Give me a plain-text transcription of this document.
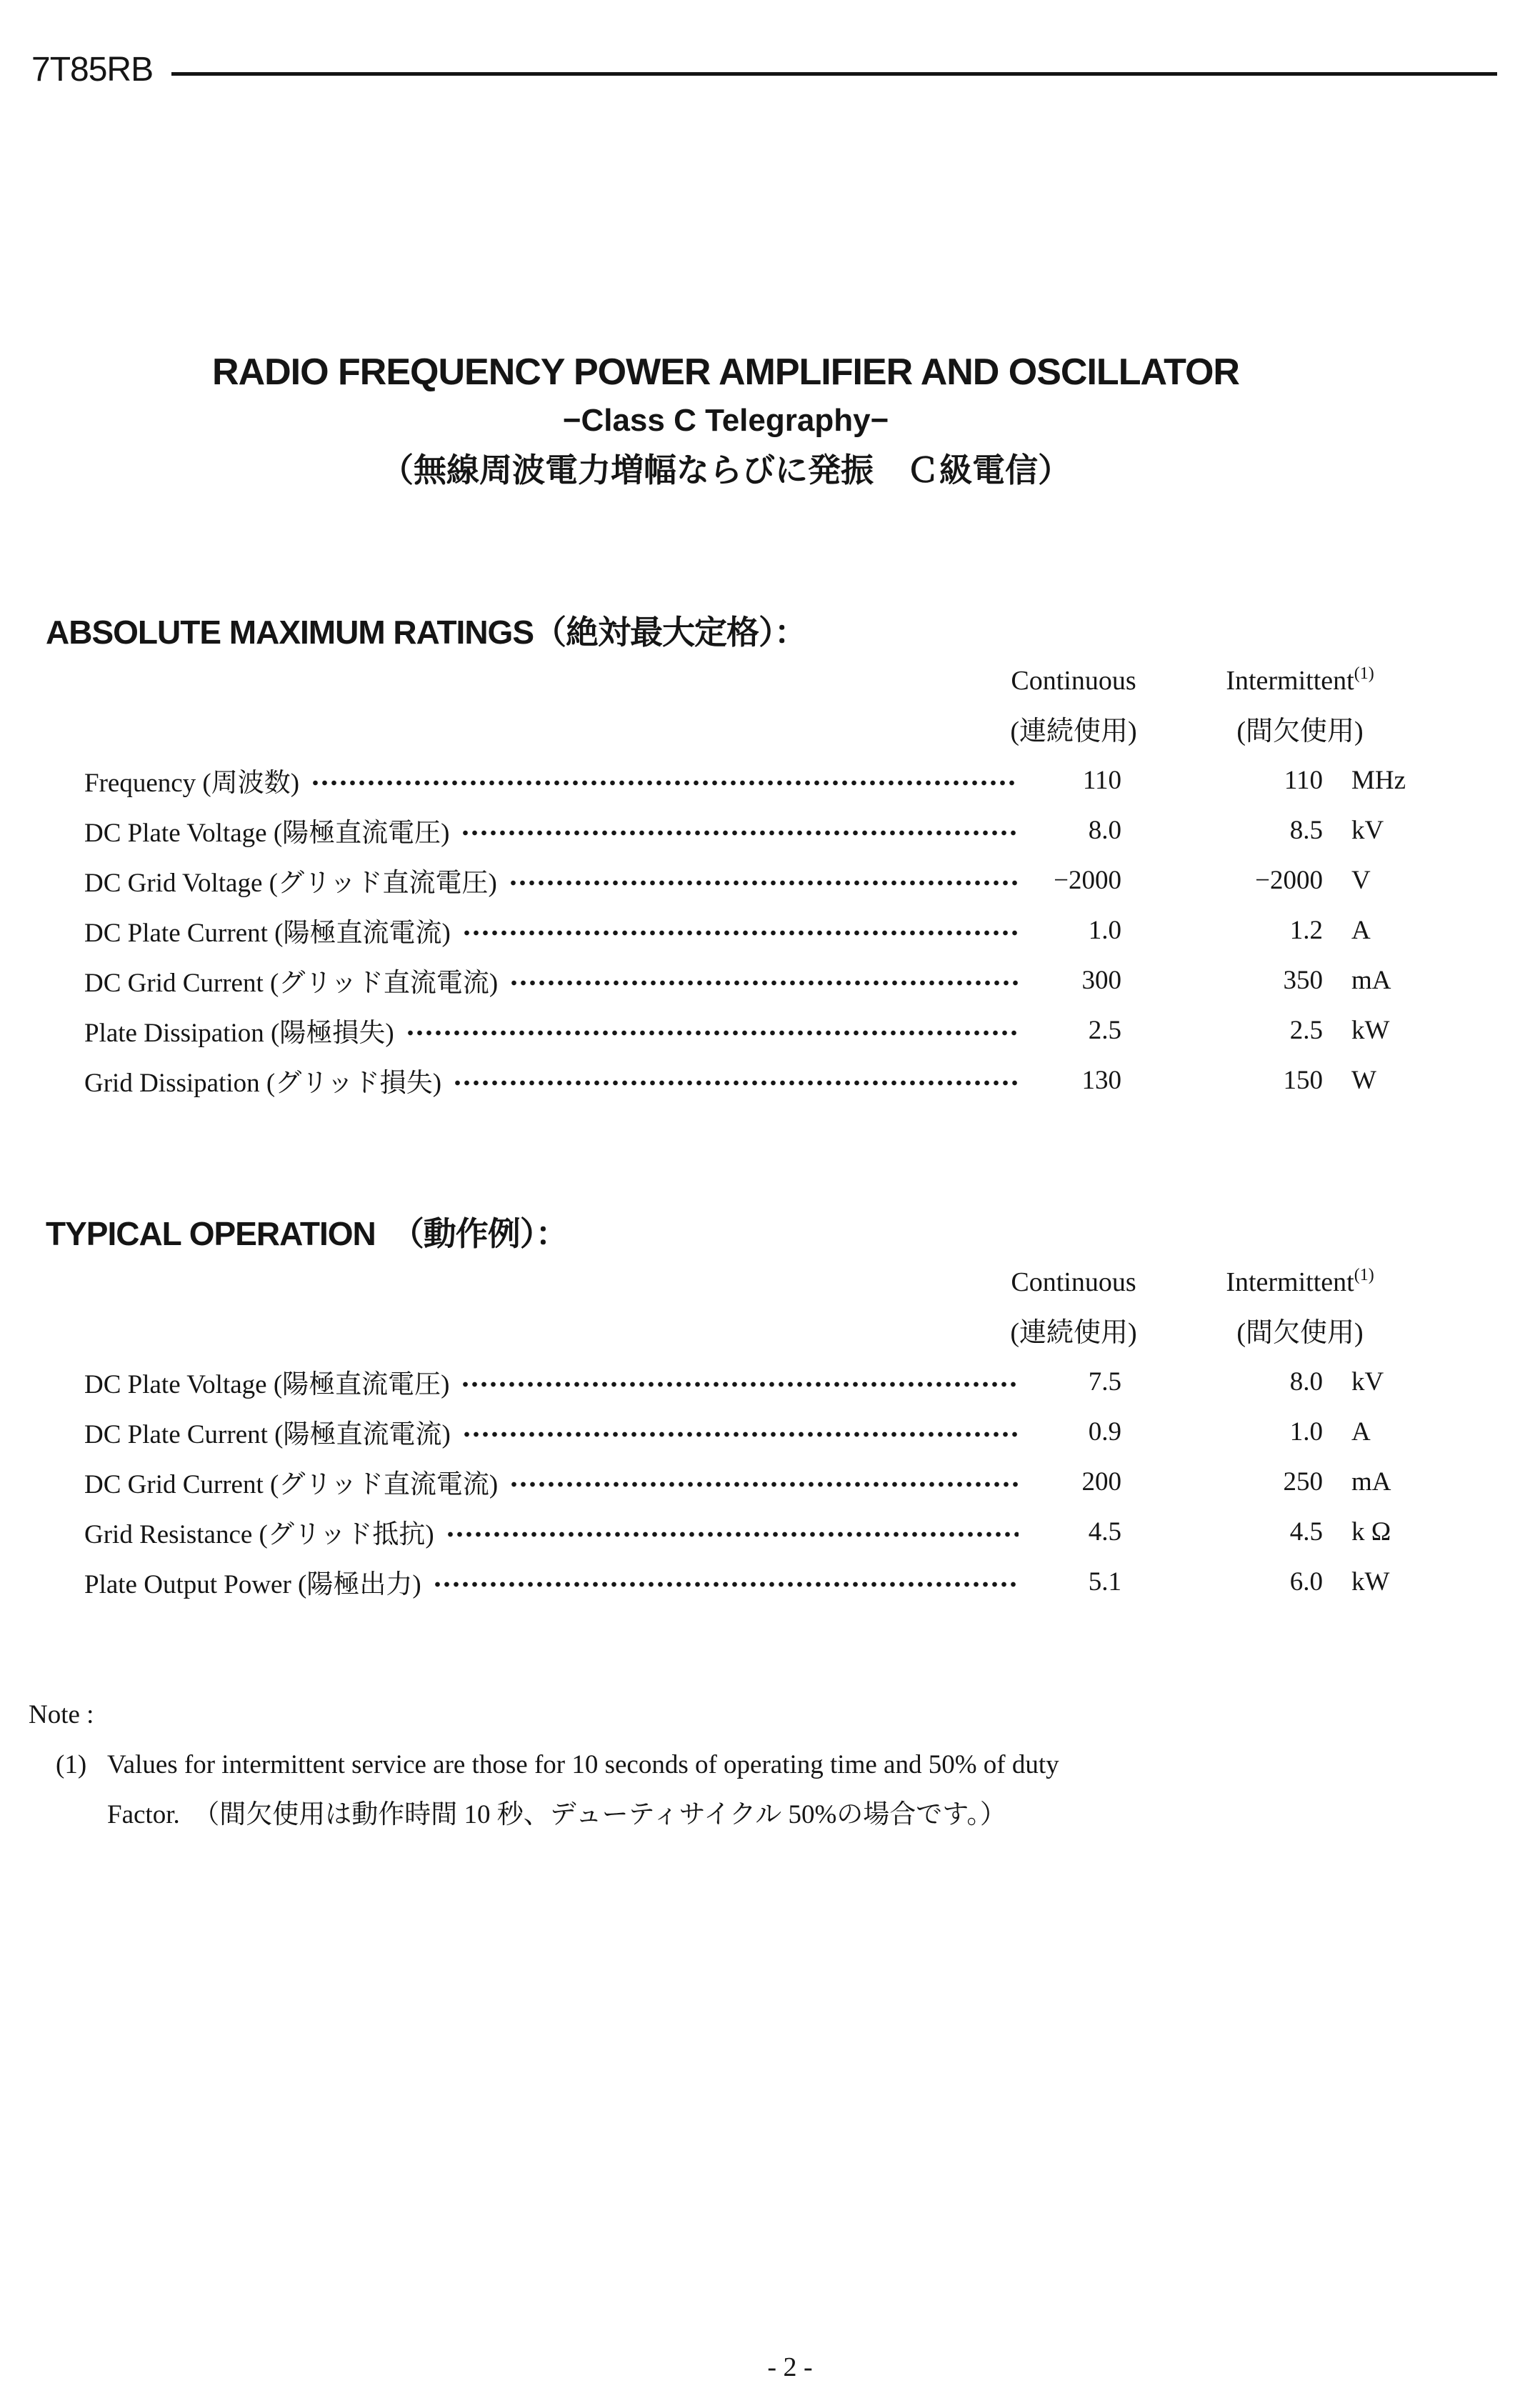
7T85RB
RADIO FREQUENCY POWER AMPLIFIER AND OSCILLATOR
−Class C Telegraphy−
（無線周波電力増幅ならびに発振　Ｃ級電信）
ABSOLUTE MAXIMUM RATINGS（絶対最大定格）：
Continuous	Intermittent$^{(1)}$
(連続使用)	(間欠使用)
Frequency (周波数)	110	110	MHz
DC Plate Voltage (陽極直流電圧)	8.0	8.5	kV
DC Grid Voltage (グリッド直流電圧)	−2000	−2000	V
DC Plate Current (陽極直流電流)	1.0	1.2	A
DC Grid Current (グリッド直流電流)	300	350	mA
Plate Dissipation (陽極損失)	2.5	2.5	kW
Grid Dissipation (グリッド損失)	130	150	W
TYPICAL OPERATION　（動作例）：
Continuous	Intermittent$^{(1)}$
(連続使用)	(間欠使用)
DC Plate Voltage (陽極直流電圧)	7.5	8.0	kV
DC Plate Current (陽極直流電流)	0.9	1.0	A
DC Grid Current (グリッド直流電流)	200	250	mA
Grid Resistance (グリッド抵抗)	4.5	4.5	k Ω
Plate Output Power (陽極出力)	5.1	6.0	kW
Note :
(1) Values for intermittent service are those for 10 seconds of operating time and 50% of duty
Factor.　（間欠使用は動作時間 10 秒、デューティサイクル 50%の場合です。）
- 2 -
